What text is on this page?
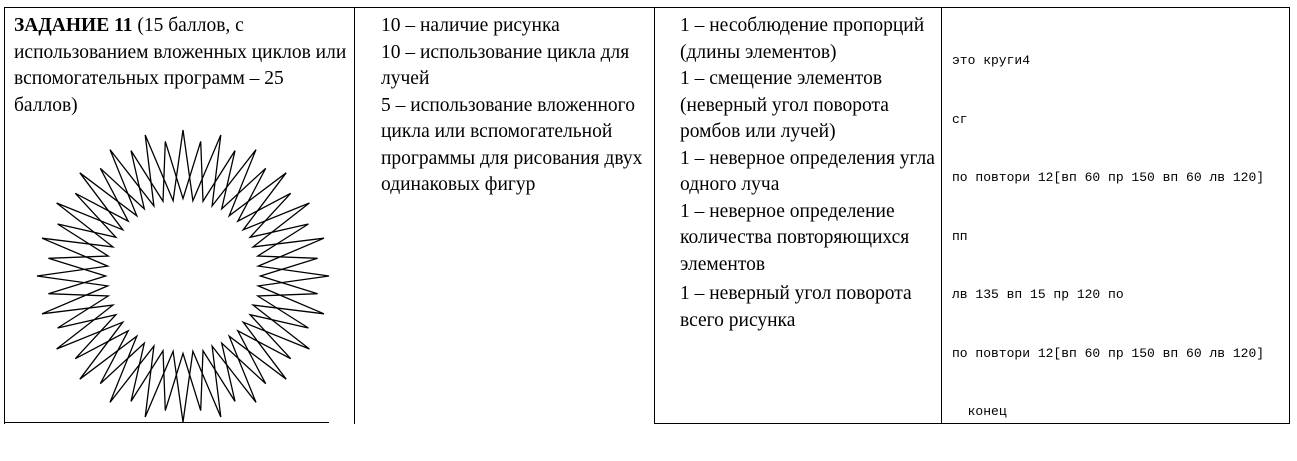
ЗАДАНИЕ 11 (15 баллов, с использованием вложенных циклов или вспомогательных программ – 25 баллов)
10 – наличие рисунка
10 – использование цикла для лучей
5 – использование вложенного цикла или вспомогательной программы для рисования двух одинаковых фигур
1 – несоблюдение пропорций (длины элементов)
1 – смещение элементов (неверный угол поворота ромбов или лучей)
1 – неверное определения угла одного луча
1 – неверное определение количества повторяющихся элементов
1 – неверный угол поворота всего рисунка

это круги4

сг

по повтори 12[вп 60 пр 150 вп 60 лв 120]

пп

лв 135 вп 15 пр 120 по

по повтори 12[вп 60 пр 150 вп 60 лв 120]

конец
